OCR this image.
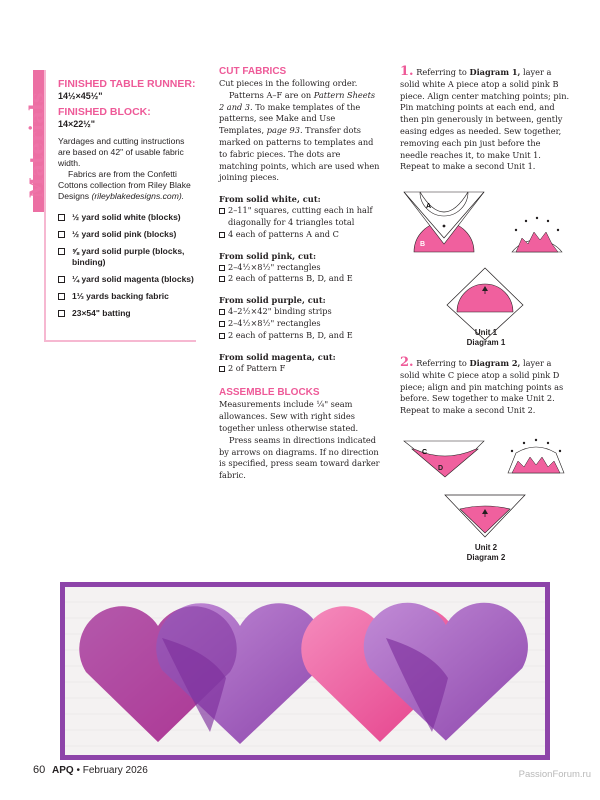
Materials
FINISHED TABLE RUNNER:
14½×45½"
FINISHED BLOCK:
14×22½"

Yardages and cutting instructions are based on 42" of usable fabric width.
Fabrics are from the Confetti Cottons collection from Riley Blake Designs (rileyblakedesigns.com).

½ yard solid white (blocks)
½ yard solid pink (blocks)
⅝ yard solid purple (blocks, binding)
¼ yard solid magenta (blocks)
1⅓ yards backing fabric
23×54" batting
CUT FABRICS

Cut pieces in the following order.
Patterns A–F are on Pattern Sheets 2 and 3. To make templates of the patterns, see Make and Use Templates, page 93. Transfer dots marked on patterns to templates and to fabric pieces. The dots are matching points, which are used when joining pieces.

From solid white, cut:
2–11" squares, cutting each in half diagonally for 4 triangles total
4 each of patterns A and C
From solid pink, cut:
2–4½×8½" rectangles
2 each of patterns B, D, and E
From solid purple, cut:
4–2½×42" binding strips
2–4½×8½" rectangles
2 each of patterns B, D, and E
From solid magenta, cut:
2 of Pattern F
ASSEMBLE BLOCKS

Measurements include ¼" seam allowances. Sew with right sides together unless otherwise stated.
Press seams in directions indicated by arrows on diagrams. If no direction is specified, press seam toward darker fabric.

1. Referring to Diagram 1, layer a solid white A piece atop a solid pink B piece. Align center matching points; pin. Pin matching points at each end, and then pin generously in between, gently easing edges as needed. Sew together, removing each pin just before the needle reaches it, to make Unit 1. Repeat to make a second Unit 1.

A
B
Unit 1
Diagram 1

2. Referring to Diagram 2, layer a solid white C piece atop a solid pink D piece; align and pin matching points as before. Sew together to make Unit 2. Repeat to make a second Unit 2.

C
D
Unit 2
Diagram 2
60 APQ • February 2026	PassionForum.ru
